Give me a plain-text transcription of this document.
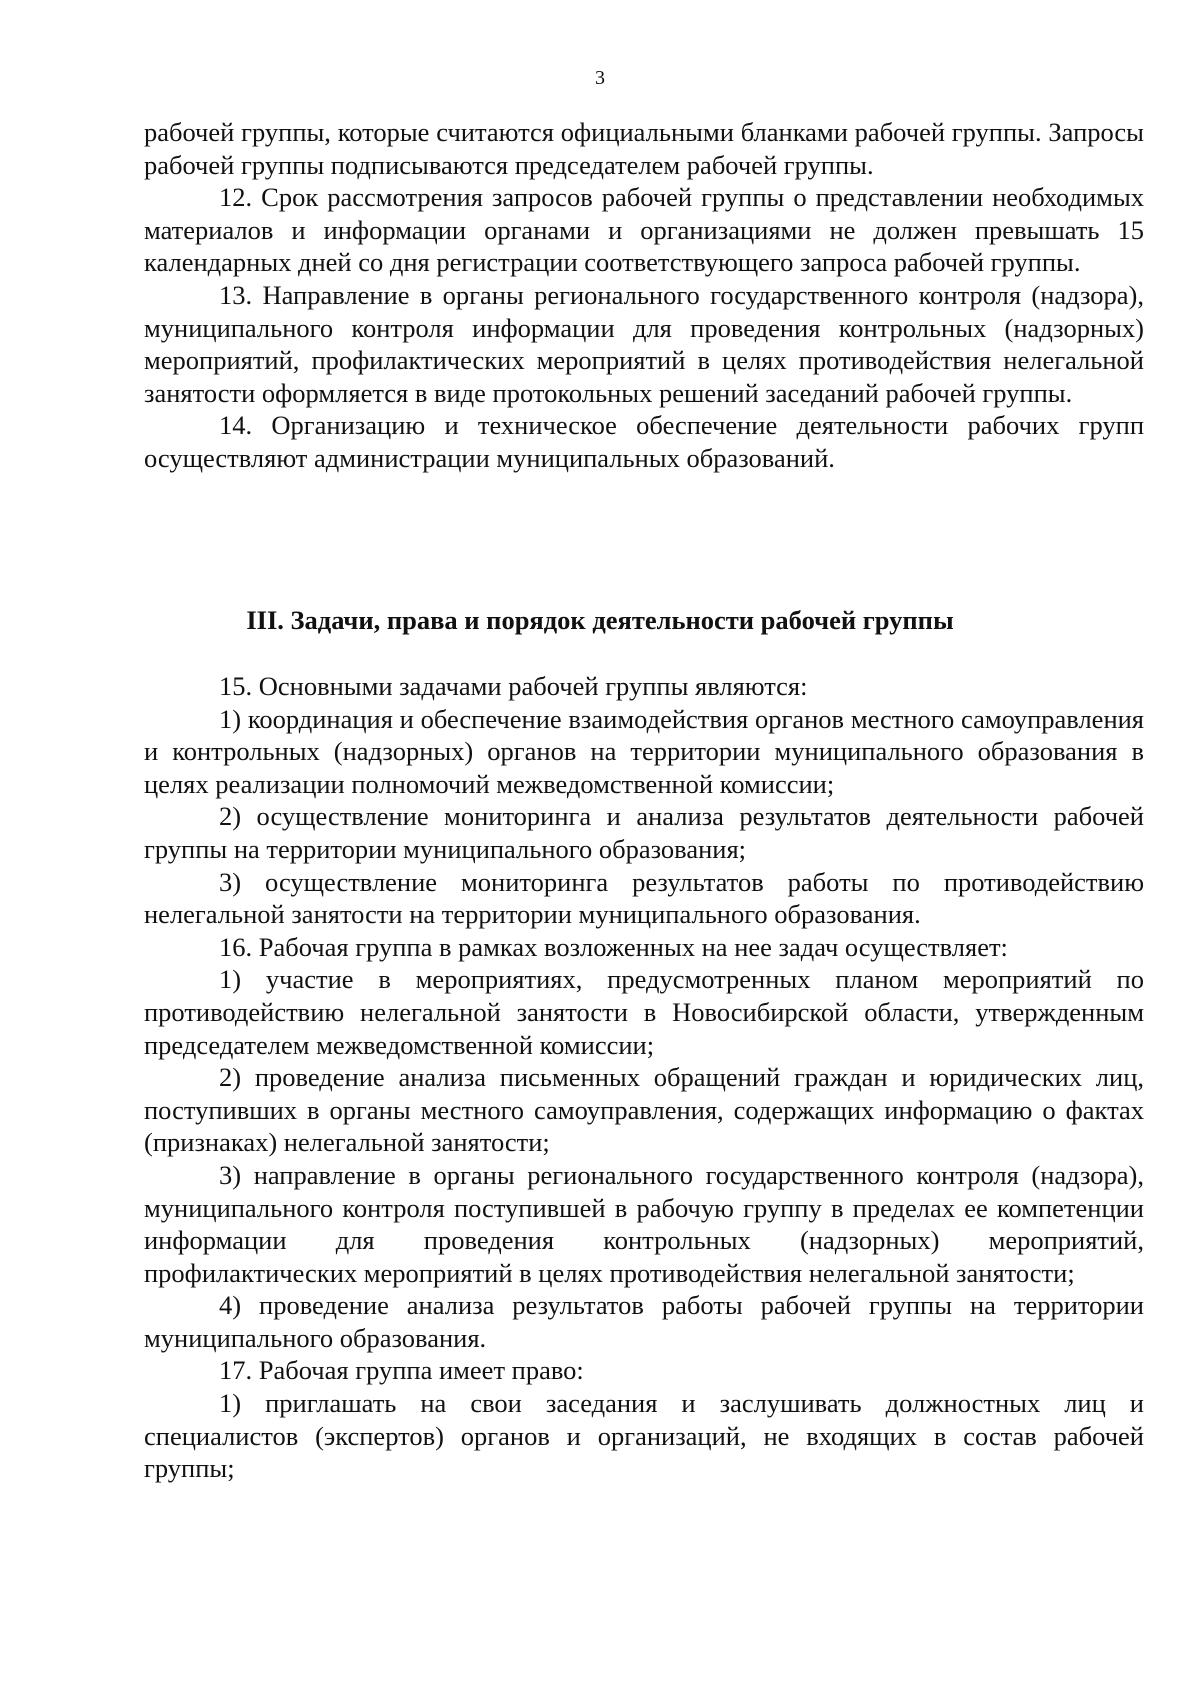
3

рабочей группы, которые считаются официальными бланками рабочей группы. Запросы рабочей группы подписываются председателем рабочей группы.

12. Срок рассмотрения запросов рабочей группы о представлении необходимых материалов и информации органами и организациями не должен превышать 15 календарных дней со дня регистрации соответствующего запроса рабочей группы.

13. Направление в органы регионального государственного контроля (надзора), муниципального контроля информации для проведения контрольных (надзорных) мероприятий, профилактических мероприятий в целях противодействия нелегальной занятости оформляется в виде протокольных решений заседаний рабочей группы.

14. Организацию и техническое обеспечение деятельности рабочих групп осуществляют администрации муниципальных образований.

III. Задачи, права и порядок деятельности рабочей группы

15. Основными задачами рабочей группы являются:

1) координация и обеспечение взаимодействия органов местного самоуправления и контрольных (надзорных) органов на территории муниципального образования в целях реализации полномочий межведомственной комиссии;

2) осуществление мониторинга и анализа результатов деятельности рабочей группы на территории муниципального образования;

3) осуществление мониторинга результатов работы по противодействию нелегальной занятости на территории муниципального образования.

16. Рабочая группа в рамках возложенных на нее задач осуществляет:

1) участие в мероприятиях, предусмотренных планом мероприятий по противодействию нелегальной занятости в Новосибирской области, утвержденным председателем межведомственной комиссии;

2) проведение анализа письменных обращений граждан и юридических лиц, поступивших в органы местного самоуправления, содержащих информацию о фактах (признаках) нелегальной занятости;

3) направление в органы регионального государственного контроля (надзора), муниципального контроля поступившей в рабочую группу в пределах ее компетенции информации для проведения контрольных (надзорных) мероприятий, профилактических мероприятий в целях противодействия нелегальной занятости;

4) проведение анализа результатов работы рабочей группы на территории муниципального образования.

17. Рабочая группа имеет право:

1) приглашать на свои заседания и заслушивать должностных лиц и специалистов (экспертов) органов и организаций, не входящих в состав рабочей группы;
